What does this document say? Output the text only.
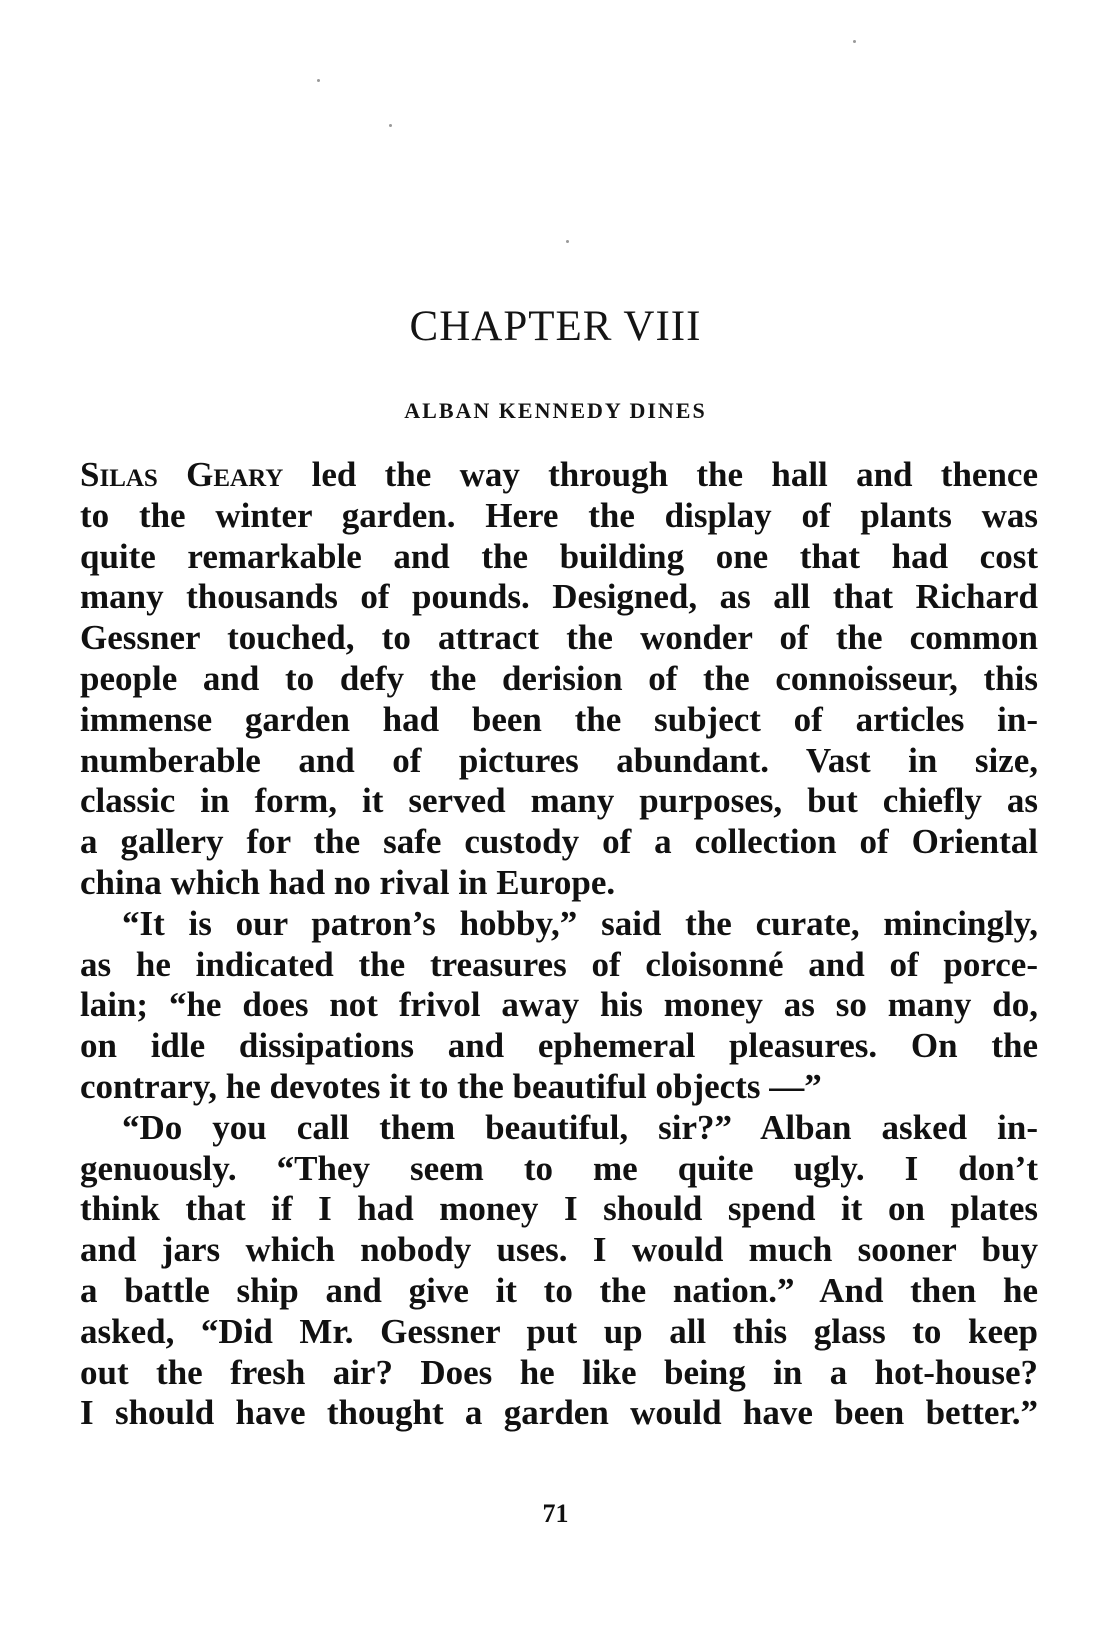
CHAPTER VIII
ALBAN KENNEDY DINES
Silas Geary led the way through the hall and thence
to the winter garden. Here the display of plants was
quite remarkable and the building one that had cost
many thousands of pounds. Designed, as all that Richard
Gessner touched, to attract the wonder of the common
people and to defy the derision of the connoisseur, this
immense garden had been the subject of articles in-
numberable and of pictures abundant. Vast in size,
classic in form, it served many purposes, but chiefly as
a gallery for the safe custody of a collection of Oriental
china which had no rival in Europe.
“It is our patron’s hobby,” said the curate, mincingly,
as he indicated the treasures of cloisonné and of porce-
lain; “he does not frivol away his money as so many do,
on idle dissipations and ephemeral pleasures. On the
contrary, he devotes it to the beautiful objects —”
“Do you call them beautiful, sir?” Alban asked in-
genuously. “They seem to me quite ugly. I don’t
think that if I had money I should spend it on plates
and jars which nobody uses. I would much sooner buy
a battle ship and give it to the nation.” And then he
asked, “Did Mr. Gessner put up all this glass to keep
out the fresh air? Does he like being in a hot-house?
I should have thought a garden would have been better.”
71
